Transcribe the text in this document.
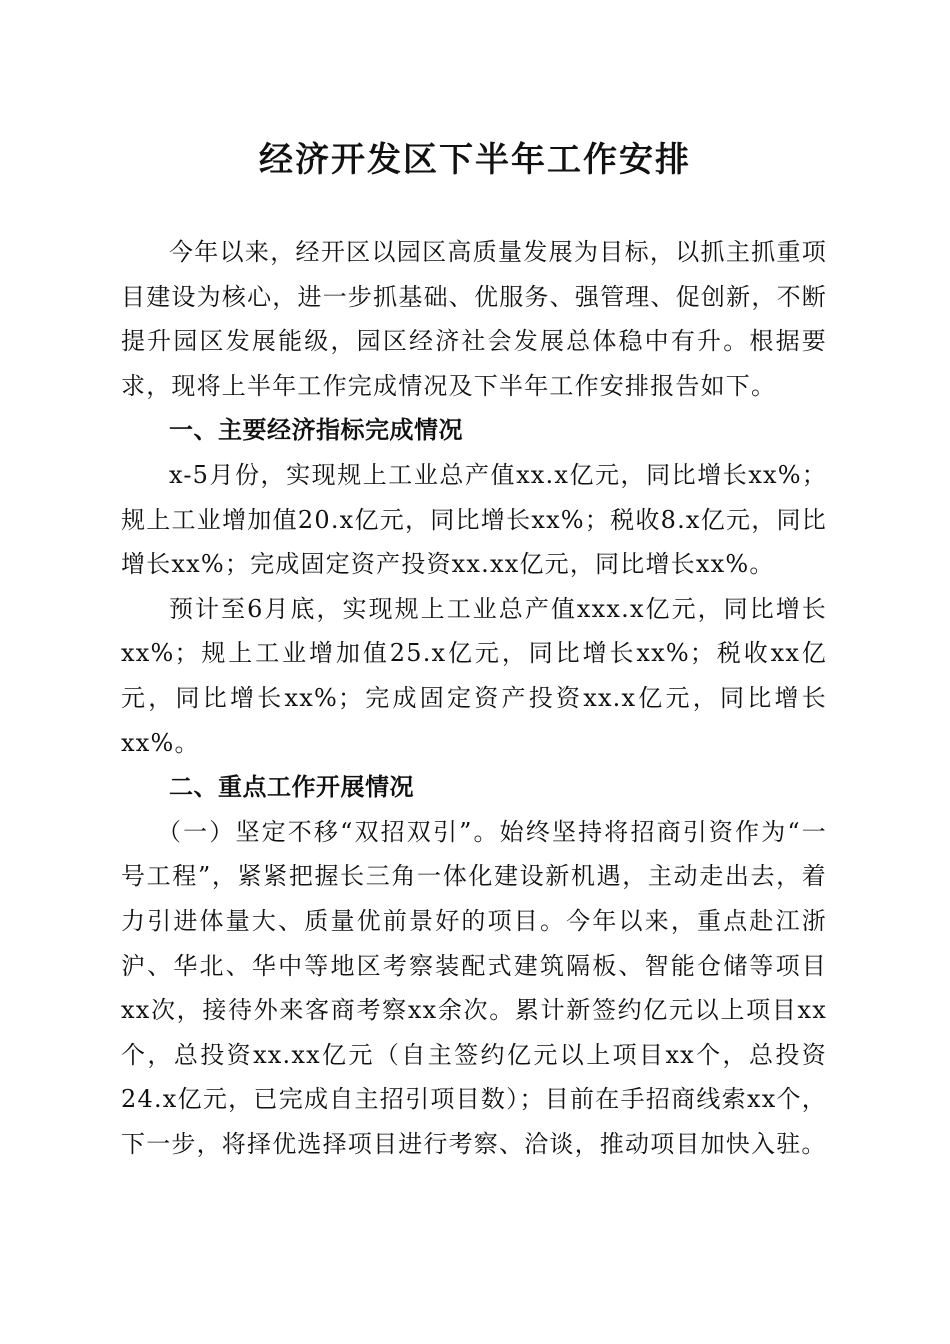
经济开发区下半年工作安排

今年以来，经开区以园区高质量发展为目标，以抓主抓重项目建设为核心，进一步抓基础、优服务、强管理、促创新，不断提升园区发展能级，园区经济社会发展总体稳中有升。根据要求，现将上半年工作完成情况及下半年工作安排报告如下。

一、主要经济指标完成情况

x-5月份，实现规上工业总产值xx.x亿元，同比增长xx%；规上工业增加值20.x亿元，同比增长xx%；税收8.x亿元，同比增长xx%；完成固定资产投资xx.xx亿元，同比增长xx%。

预计至6月底，实现规上工业总产值xxx.x亿元，同比增长xx%；规上工业增加值25.x亿元，同比增长xx%；税收xx亿元，同比增长xx%；完成固定资产投资xx.x亿元，同比增长xx%。

二、重点工作开展情况

（一）坚定不移“双招双引”。始终坚持将招商引资作为“一号工程”，紧紧把握长三角一体化建设新机遇，主动走出去，着力引进体量大、质量优前景好的项目。今年以来，重点赴江浙沪、华北、华中等地区考察装配式建筑隔板、智能仓储等项目xx次，接待外来客商考察xx余次。累计新签约亿元以上项目xx个，总投资xx.xx亿元（自主签约亿元以上项目xx个，总投资24.x亿元，已完成自主招引项目数）；目前在手招商线索xx个，下一步，将择优选择项目进行考察、洽谈，推动项目加快入驻。
